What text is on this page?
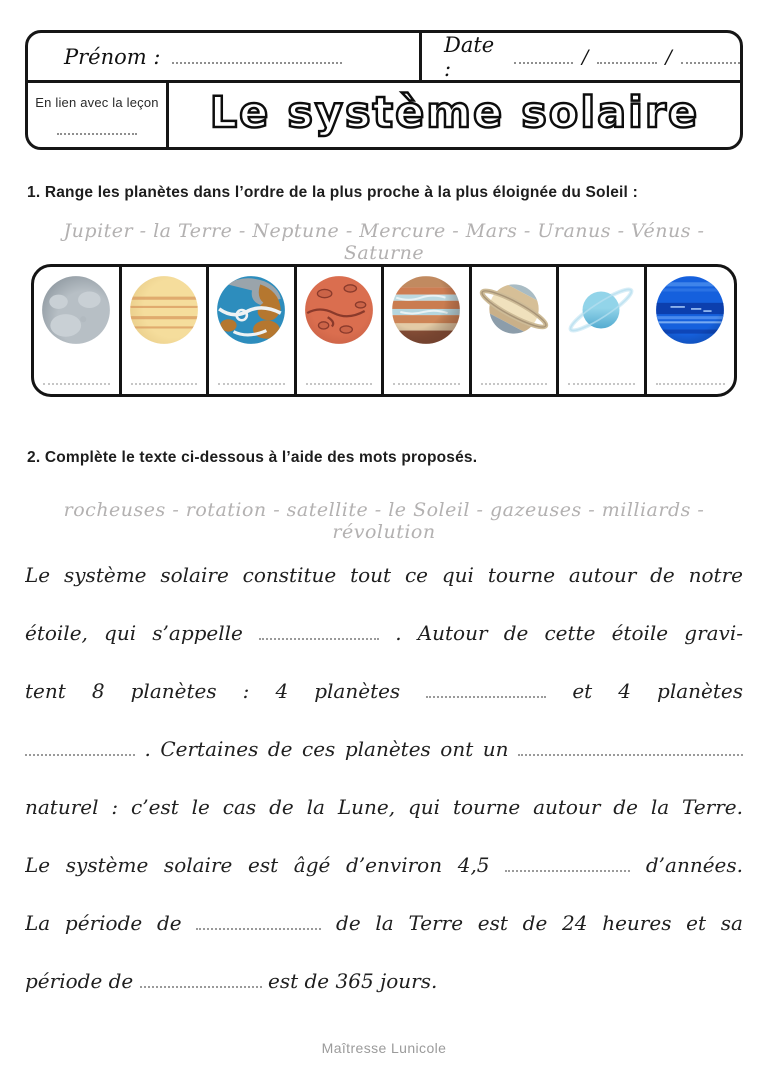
Prénom :	Date :	/	/
En lien avec la leçon Le système solaire
1. Range les planètes dans l’ordre de la plus proche à la plus éloignée du Soleil :
Jupiter - la Terre - Neptune - Mercure - Mars - Uranus - Vénus - Saturne
2. Complète le texte ci-dessous à l’aide des mots proposés.
rocheuses - rotation - satellite - le Soleil - gazeuses - milliards - révolution
Le système solaire constitue tout ce qui tourne autour de notre
étoile, qui s’appelle	. Autour de cette étoile gravi-
tent 8 planètes : 4 planètes	et 4 planètes
. Certaines de ces planètes ont un
naturel : c’est le cas de la Lune, qui tourne autour de la Terre.
Le système solaire est âgé d’environ 4,5	d’années.
La période de	de la Terre est de 24 heures et sa
période de	est de 365 jours.
Maîtresse Lunicole
